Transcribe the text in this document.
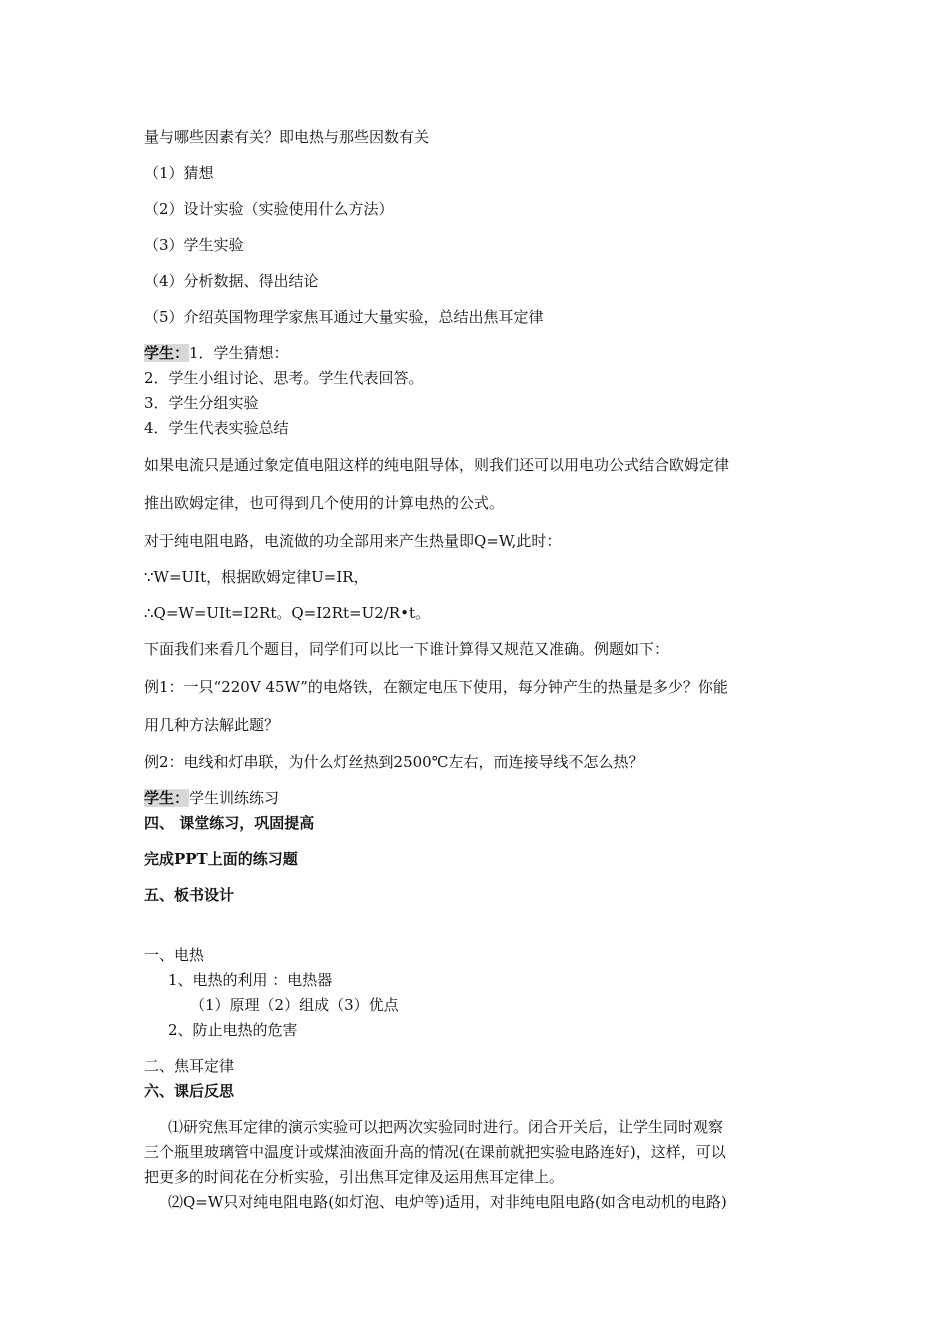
量与哪些因素有关？即电热与那些因数有关
（1）猜想
（2）设计实验（实验使用什么方法）
（3）学生实验
（4）分析数据、得出结论
（5）介绍英国物理学家焦耳通过大量实验，总结出焦耳定律
学生：1．学生猜想：
2．学生小组讨论、思考。学生代表回答。
3．学生分组实验
4．学生代表实验总结
如果电流只是通过象定值电阻这样的纯电阻导体，则我们还可以用电功公式结合欧姆定律
推出欧姆定律，也可得到几个使用的计算电热的公式。
对于纯电阻电路，电流做的功全部用来产生热量即Q=W,此时：
∵W=UIt，根据欧姆定律U=IR，
∴Q=W=UIt=I2Rt。Q=I2Rt=U2/R•t。
下面我们来看几个题目，同学们可以比一下谁计算得又规范又准确。例题如下：
例1：一只“220V 45W”的电烙铁，在额定电压下使用，每分钟产生的热量是多少？你能
用几种方法解此题？
例2：电线和灯串联，为什么灯丝热到2500℃左右，而连接导线不怎么热？
学生：学生训练练习
四、 课堂练习，巩固提高
完成PPT上面的练习题
五、板书设计
一、电热
1、电热的利用 ：电热器
（1）原理（2）组成（3）优点
2、防止电热的危害
二、焦耳定律
六、课后反思
⑴研究焦耳定律的演示实验可以把两次实验同时进行。闭合开关后，让学生同时观察
三个瓶里玻璃管中温度计或煤油液面升高的情况(在课前就把实验电路连好)，这样，可以
把更多的时间花在分析实验，引出焦耳定律及运用焦耳定律上。
⑵Q=W只对纯电阻电路(如灯泡、电炉等)适用，对非纯电阻电路(如含电动机的电路)
